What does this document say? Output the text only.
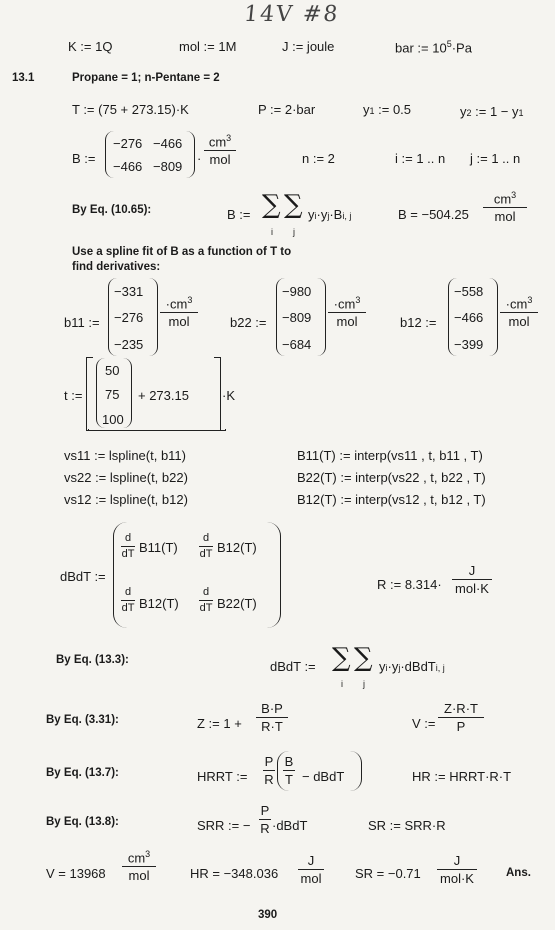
14V #8
K := 1Q	mol := 1M	J := joule	bar := $10^5\cdot Pa$
13.1	Propane = 1; n-Pentane = 2
T := (75 + 273.15)·K	P := 2·bar	y1 := 0.5	y2 := 1 − y1
B :=
−276 −466
−466 −809
·
$cm^3$
mol	n := 2	i := 1 .. n j := 1 .. n
By Eq. (10.65):	B := ∑
i
∑
j
yi·yj·Bi, j	B = −504.25
$cm^3$
mol
Use a spline fit of B as a function of T to
find derivatives:
b11 :=
−331
−276
−235
$\cdot cm^3$
mol	b22 :=
−980
−809
−684
$\cdot cm^3$
mol	b12 :=
−558
−466
−399
$\cdot cm^3$
mol
t :=
50
75
100
+ 273.15	·K
vs11 := lspline(t, b11)
vs22 := lspline(t, b22)
vs12 := lspline(t, b12)
B11(T) := interp(vs11 , t, b11 , T)
B22(T) := interp(vs22 , t, b22 , T)
B12(T) := interp(vs12 , t, b12 , T)
dBdT :=
$\frac{d}{dT} B11(T) \frac{d}{dT} B12(T)$
$\frac{d}{dT} B12(T) \frac{d}{dT} B22(T)$
R := 8.314·
J
mol·K
By Eq. (13.3):	dBdT := ∑
i
∑
j
yi·yj·dBdTi, j
By Eq. (3.31):	Z := $1 + \frac{B\cdot P}{R\cdot T}$	V := $\frac{Z\cdot R\cdot T}{P}$
By Eq. (13.7):	HRRT := $\frac{P}{R} \frac{B}{T}$ − dBdT	HR := HRRT·R·T
By Eq. (13.8):	SRR := − $\frac{P}{R}$ ·dBdT	SR := SRR·R
V = 13968
$cm^3$
mol	HR = −348.036
J
mol	SR = −0.71
J
mol·K	Ans.
390
